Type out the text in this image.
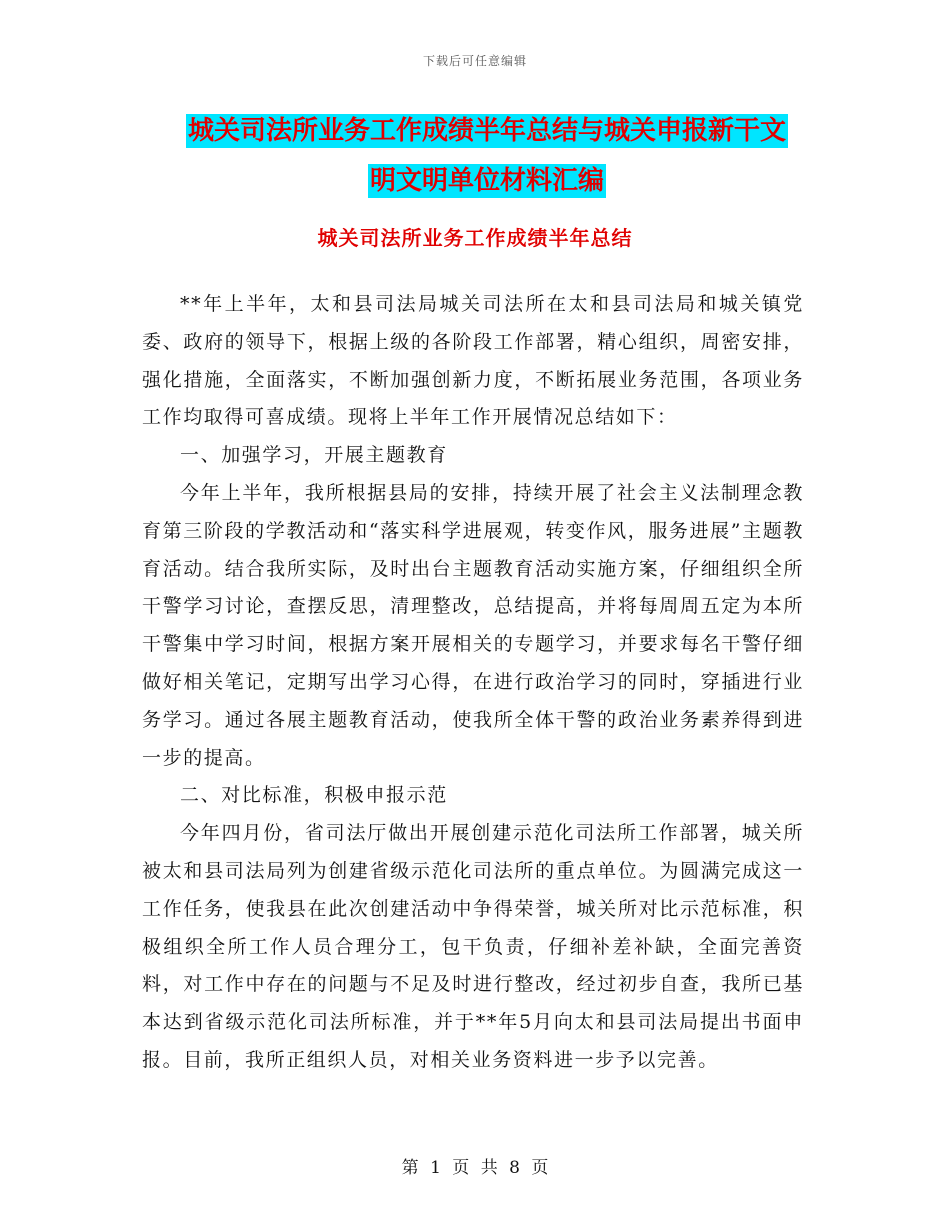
下载后可任意编辑
城关司法所业务工作成绩半年总结与城关申报新干文
明文明单位材料汇编
城关司法所业务工作成绩半年总结

**年上半年，太和县司法局城关司法所在太和县司法局和城关镇党委、政府的领导下，根据上级的各阶段工作部署，精心组织，周密安排，强化措施，全面落实，不断加强创新力度，不断拓展业务范围，各项业务工作均取得可喜成绩。现将上半年工作开展情况总结如下：

一、加强学习，开展主题教育

今年上半年，我所根据县局的安排，持续开展了社会主义法制理念教育第三阶段的学教活动和“落实科学进展观，转变作风，服务进展”主题教育活动。结合我所实际，及时出台主题教育活动实施方案，仔细组织全所干警学习讨论，查摆反思，清理整改，总结提高，并将每周周五定为本所干警集中学习时间，根据方案开展相关的专题学习，并要求每名干警仔细做好相关笔记，定期写出学习心得，在进行政治学习的同时，穿插进行业务学习。通过各展主题教育活动，使我所全体干警的政治业务素养得到进一步的提高。

二、对比标准，积极申报示范

今年四月份，省司法厅做出开展创建示范化司法所工作部署，城关所被太和县司法局列为创建省级示范化司法所的重点单位。为圆满完成这一工作任务，使我县在此次创建活动中争得荣誉，城关所对比示范标准，积极组织全所工作人员合理分工，包干负责，仔细补差补缺，全面完善资料，对工作中存在的问题与不足及时进行整改，经过初步自查，我所已基本达到省级示范化司法所标准，并于**年5月向太和县司法局提出书面申报。目前，我所正组织人员，对相关业务资料进一步予以完善。

第 1 页 共 8 页
